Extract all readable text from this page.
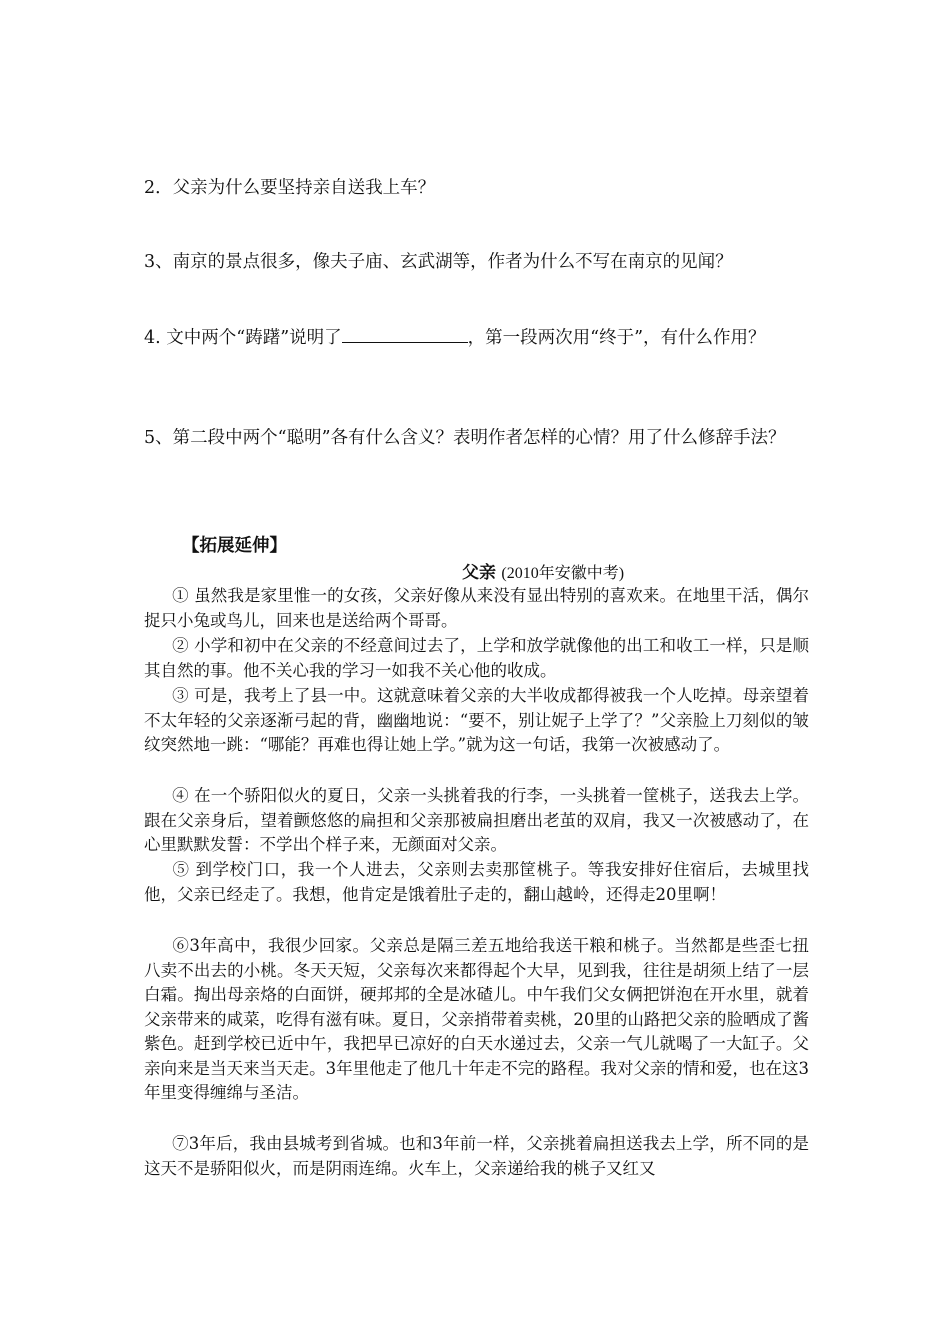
2．父亲为什么要坚持亲自送我上车？
3、南京的景点很多，像夫子庙、玄武湖等，作者为什么不写在南京的见闻？
4. 文中两个“踌躇”说明了	，第一段两次用“终于”，有什么作用？
5、第二段中两个“聪明”各有什么含义？表明作者怎样的心情？用了什么修辞手法？
【拓展延伸】
父亲 (2010年安徽中考)
① 虽然我是家里惟一的女孩，父亲好像从来没有显出特别的喜欢来。在地里干活，偶尔捉只小兔或鸟儿，回来也是送给两个哥哥。
② 小学和初中在父亲的不经意间过去了，上学和放学就像他的出工和收工一样，只是顺其自然的事。他不关心我的学习一如我不关心他的收成。
③ 可是，我考上了县一中。这就意味着父亲的大半收成都得被我一个人吃掉。母亲望着不太年轻的父亲逐渐弓起的背，幽幽地说：“要不，别让妮子上学了？”父亲脸上刀刻似的皱纹突然地一跳：“哪能？再难也得让她上学。”就为这一句话，我第一次被感动了。
④ 在一个骄阳似火的夏日，父亲一头挑着我的行李，一头挑着一筐桃子，送我去上学。跟在父亲身后，望着颤悠悠的扁担和父亲那被扁担磨出老茧的双肩，我又一次被感动了，在心里默默发誓：不学出个样子来，无颜面对父亲。
⑤ 到学校门口，我一个人进去，父亲则去卖那筐桃子。等我安排好住宿后，去城里找他，父亲已经走了。我想，他肯定是饿着肚子走的，翻山越岭，还得走20里啊！
⑥3年高中，我很少回家。父亲总是隔三差五地给我送干粮和桃子。当然都是些歪七扭八卖不出去的小桃。冬天天短，父亲每次来都得起个大早，见到我，往往是胡须上结了一层白霜。掏出母亲烙的白面饼，硬邦邦的全是冰碴儿。中午我们父女俩把饼泡在开水里，就着父亲带来的咸菜，吃得有滋有味。夏日，父亲捎带着卖桃，20里的山路把父亲的脸晒成了酱紫色。赶到学校已近中午，我把早已凉好的白天水递过去，父亲一气儿就喝了一大缸子。父亲向来是当天来当天走。3年里他走了他几十年走不完的路程。我对父亲的情和爱，也在这3年里变得缠绵与圣洁。
⑦3年后，我由县城考到省城。也和3年前一样，父亲挑着扁担送我去上学，所不同的是这天不是骄阳似火，而是阴雨连绵。火车上，父亲递给我的桃子又红又
